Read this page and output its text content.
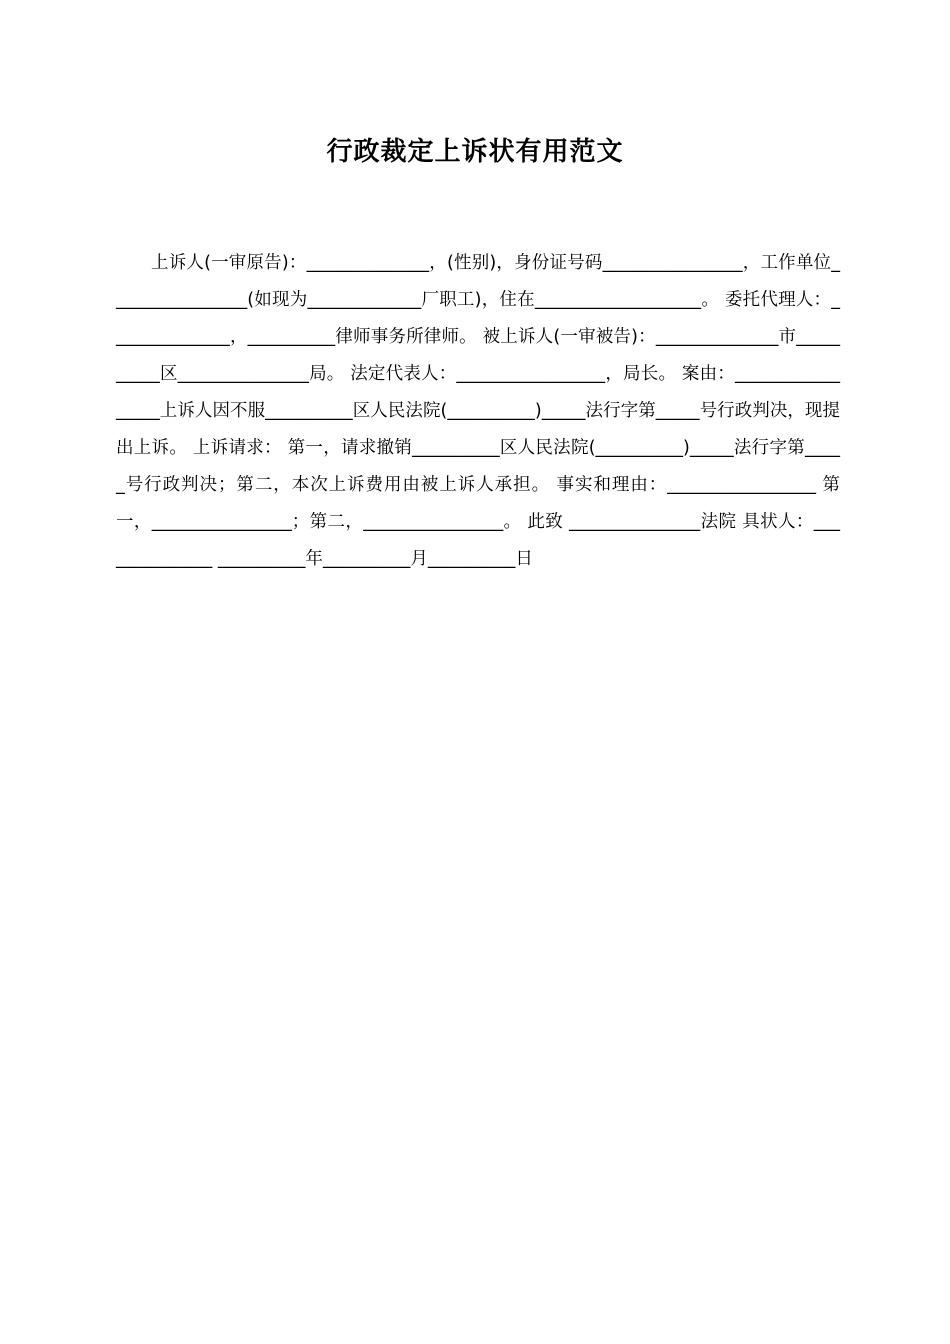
行政裁定上诉状有用范文
上诉人(一审原告)：______________，(性别)，身份证号码________________，工作单位________________(如现为_____________厂职工)，住在___________________。 委托代理人：______________，__________律师事务所律师。 被上诉人(一审被告)：______________市__________区_______________局。 法定代表人：_________________，局长。 案由：_________________上诉人因不服__________区人民法院(__________)_____法行字第_____号行政判决，现提出上诉。 上诉请求： 第一，请求撤销__________区人民法院(__________)_____法行字第_____号行政判决；第二，本次上诉费用由被上诉人承担。 事实和理由：_________________ 第一，________________；第二，________________。 此致 _______________法院 具状人：______________ __________年__________月__________日
